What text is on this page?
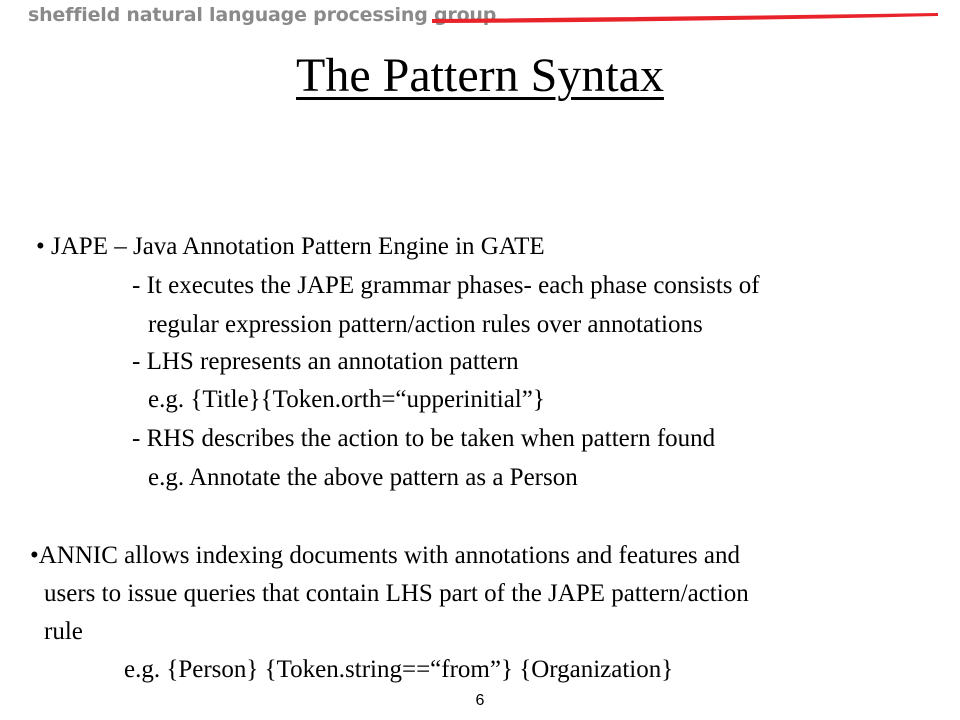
sheffield natural language processing group
The Pattern Syntax
• JAPE – Java Annotation Pattern Engine in GATE
- It executes the JAPE grammar phases- each phase consists of
regular expression pattern/action rules over annotations
- LHS represents an annotation pattern
e.g. {Title}{Token.orth=“upperinitial”}
- RHS describes the action to be taken when pattern found
e.g. Annotate the above pattern as a Person
•ANNIC allows indexing documents with annotations and features and
users to issue queries that contain LHS part of the JAPE pattern/action
rule
e.g. {Person} {Token.string==“from”} {Organization}
6
